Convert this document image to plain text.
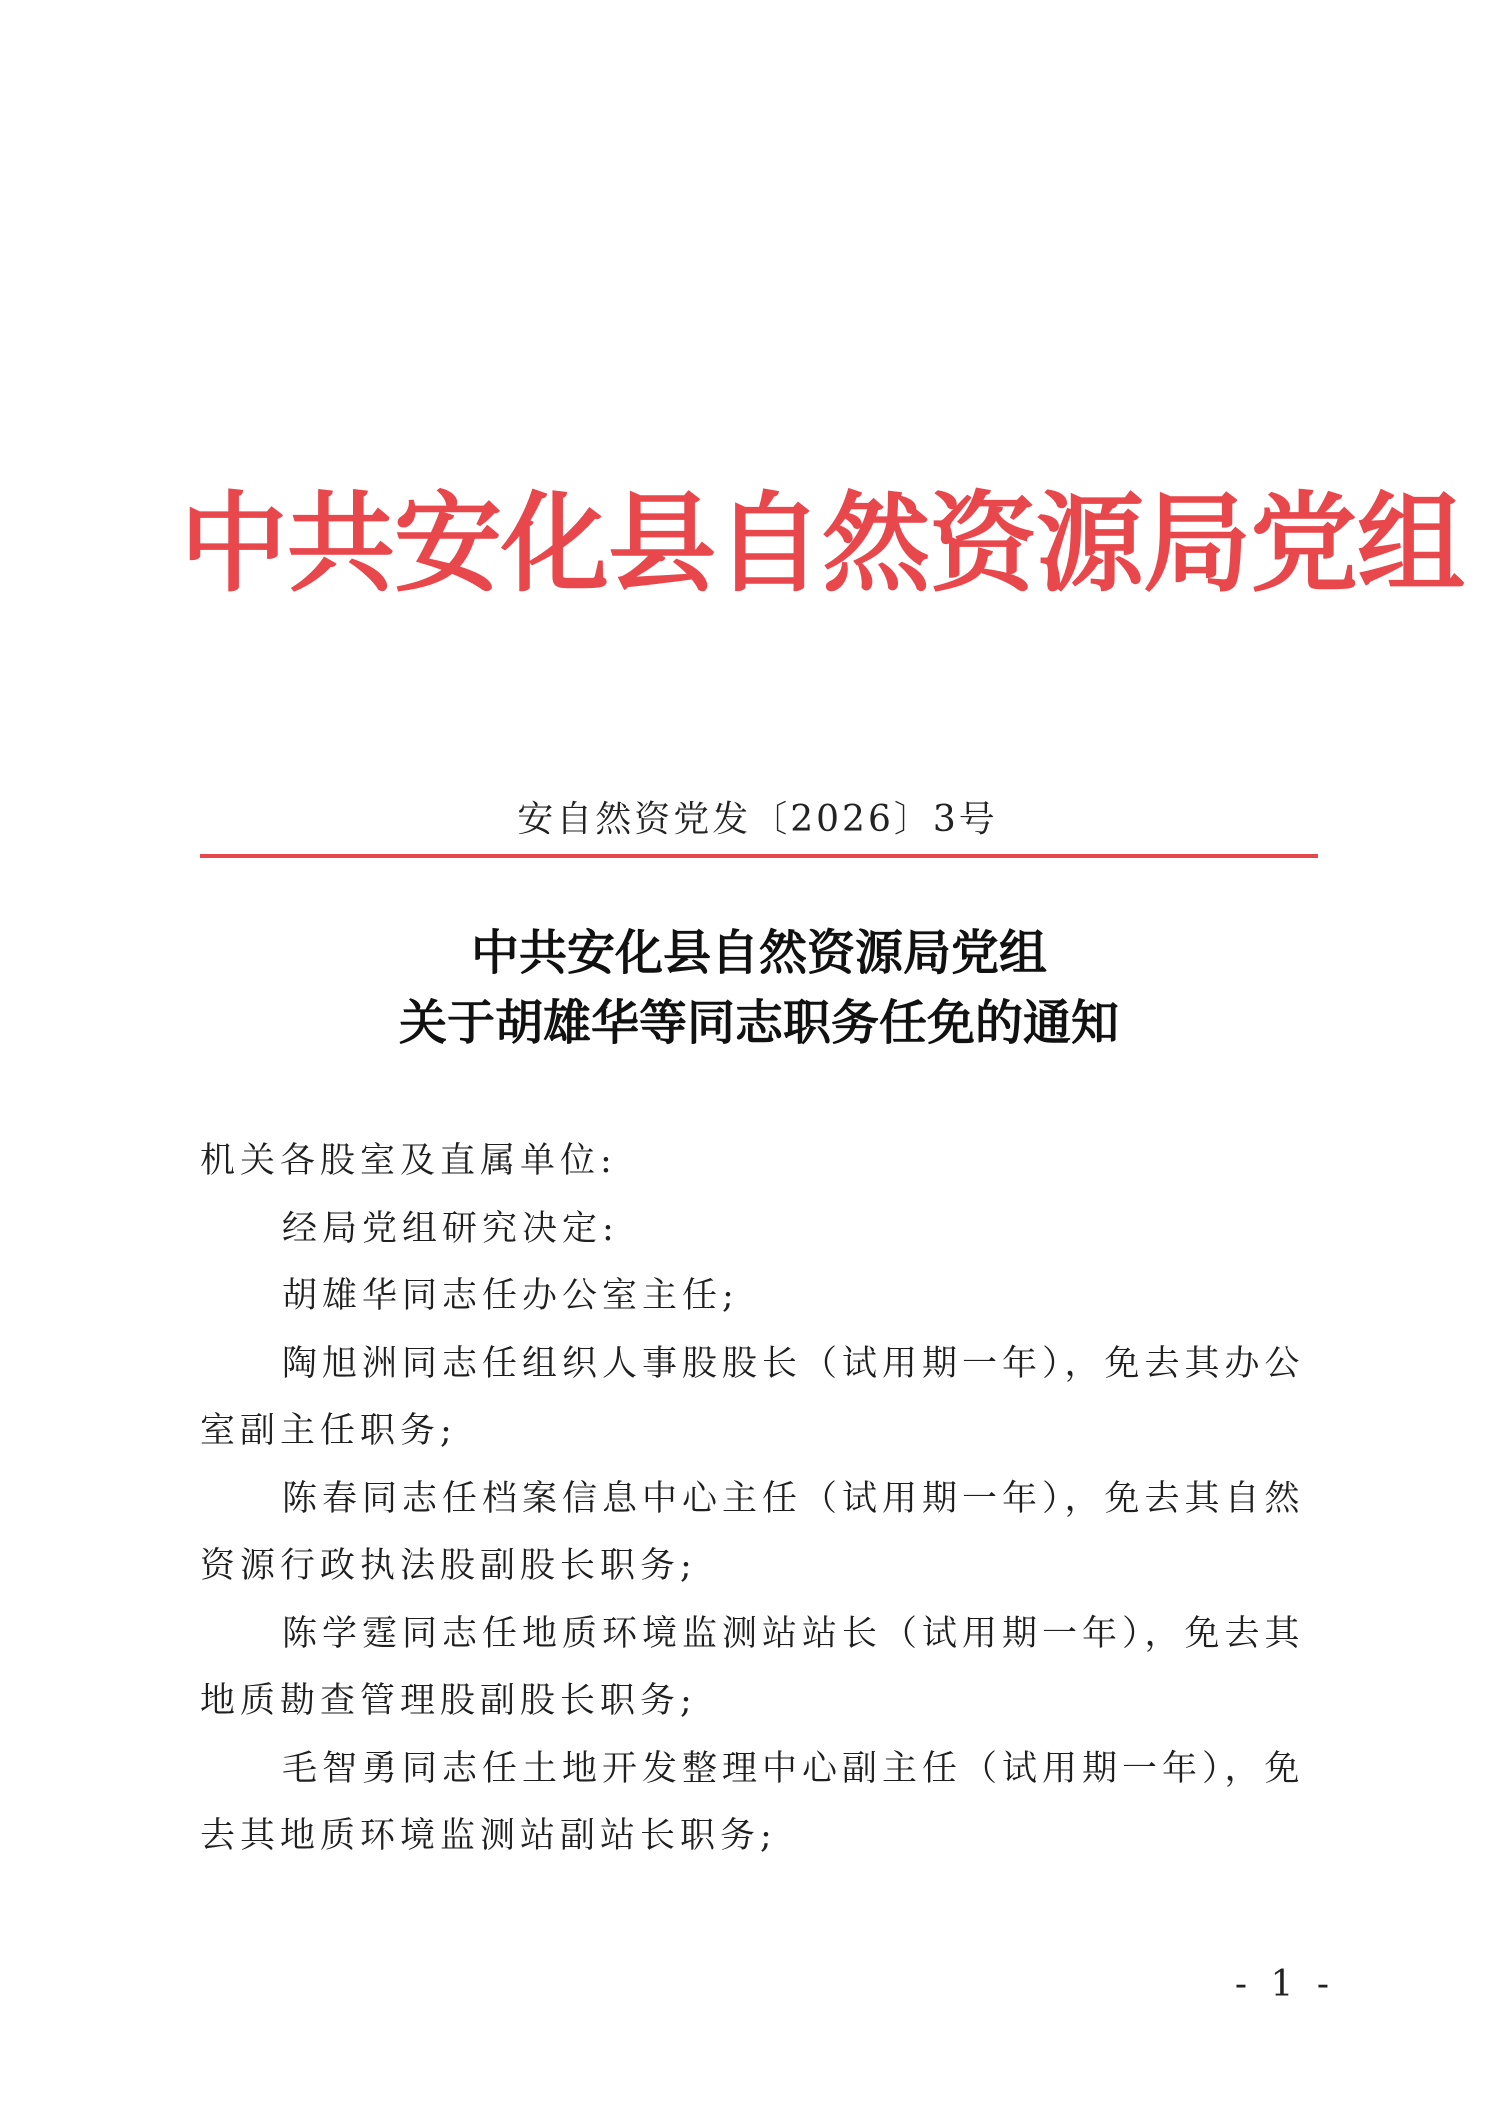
中共安化县自然资源局党组
安自然资党发〔2026〕3号
中共安化县自然资源局党组
关于胡雄华等同志职务任免的通知

机关各股室及直属单位:

经局党组研究决定:

胡雄华同志任办公室主任;

陶旭洲同志任组织人事股股长（试用期一年），免去其办公室副主任职务;

陈春同志任档案信息中心主任（试用期一年），免去其自然资源行政执法股副股长职务;

陈学霆同志任地质环境监测站站长（试用期一年），免去其地质勘查管理股副股长职务;

毛智勇同志任土地开发整理中心副主任（试用期一年），免去其地质环境监测站副站长职务;

- 1 -
